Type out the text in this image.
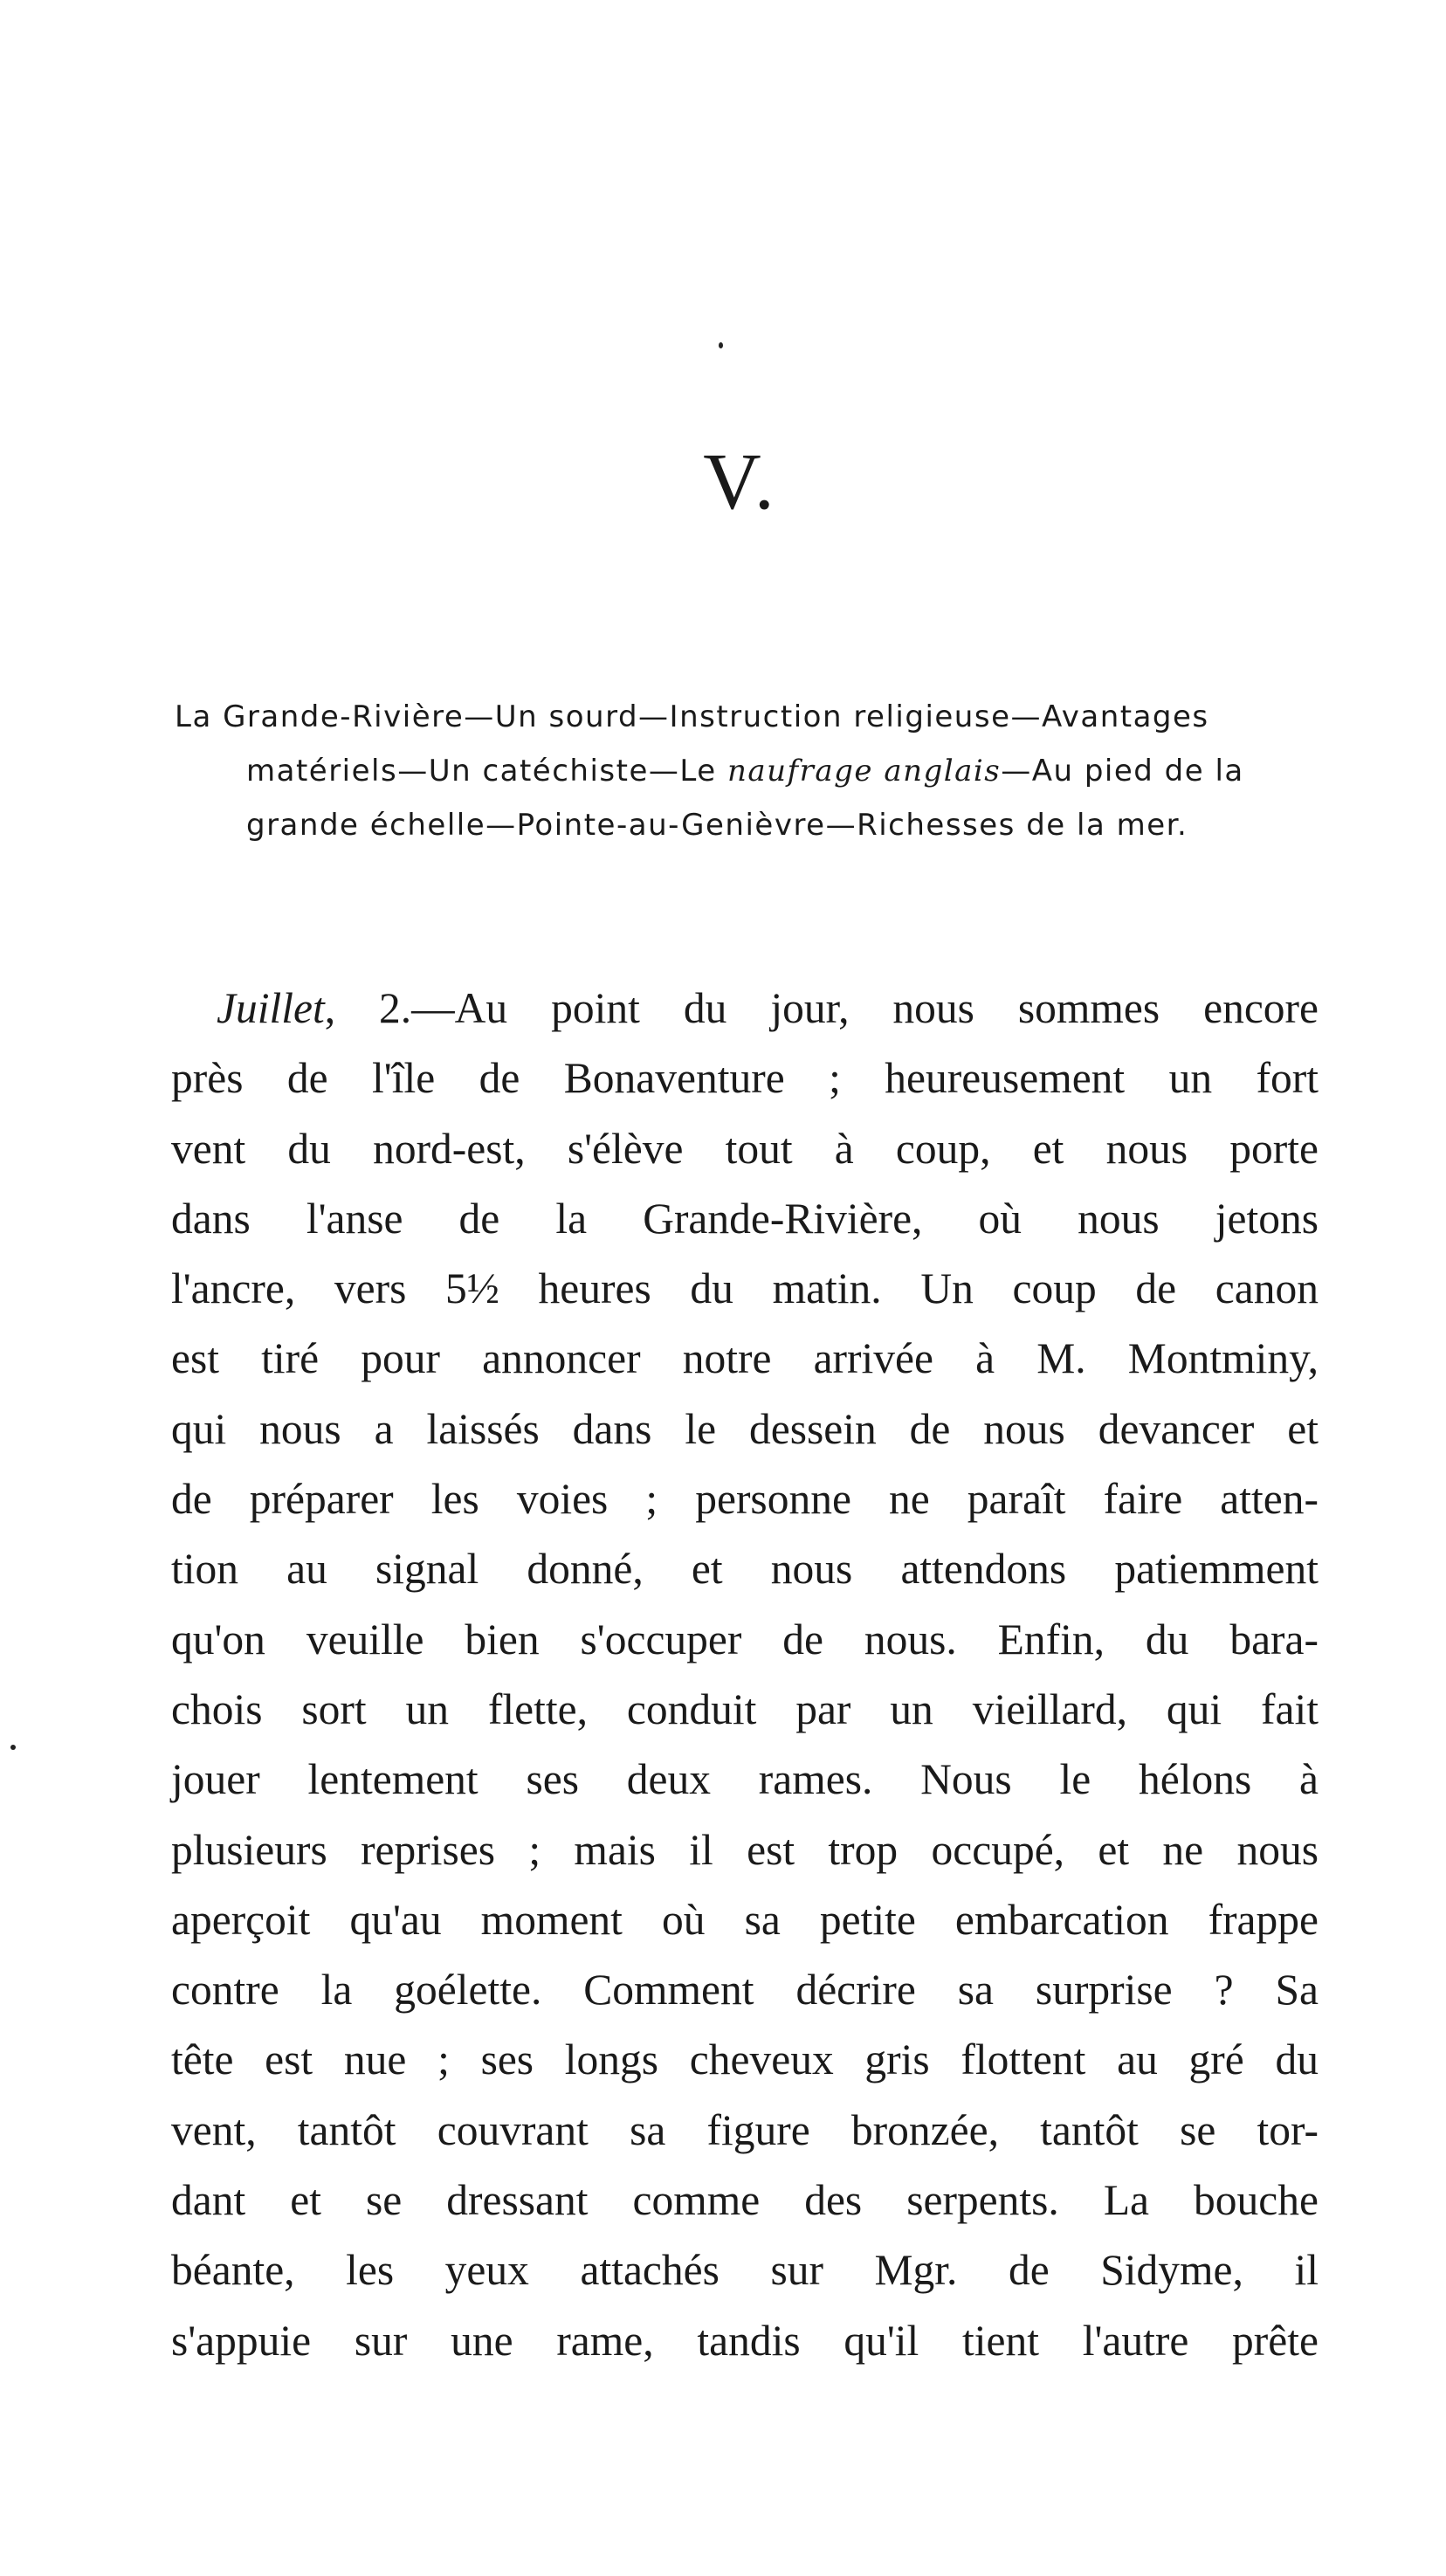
V.
La Grande-Rivière—Un sourd—Instruction religieuse—Avantages
matériels—Un catéchiste—Le naufrage anglais—Au pied de la
grande échelle—Pointe-au-Genièvre—Richesses de la mer.
Juillet, 2.—Au point du jour, nous sommes encore
près de l'île de Bonaventure ; heureusement un fort
vent du nord-est, s'élève tout à coup, et nous porte
dans l'anse de la Grande-Rivière, où nous jetons
l'ancre, vers 5½ heures du matin. Un coup de canon
est tiré pour annoncer notre arrivée à M. Montminy,
qui nous a laissés dans le dessein de nous devancer et
de préparer les voies ; personne ne paraît faire atten-
tion au signal donné, et nous attendons patiemment
qu'on veuille bien s'occuper de nous. Enfin, du bara-
chois sort un flette, conduit par un vieillard, qui fait
jouer lentement ses deux rames. Nous le hélons à
plusieurs reprises ; mais il est trop occupé, et ne nous
aperçoit qu'au moment où sa petite embarcation frappe
contre la goélette. Comment décrire sa surprise ? Sa
tête est nue ; ses longs cheveux gris flottent au gré du
vent, tantôt couvrant sa figure bronzée, tantôt se tor-
dant et se dressant comme des serpents. La bouche
béante, les yeux attachés sur Mgr. de Sidyme, il
s'appuie sur une rame, tandis qu'il tient l'autre prête
